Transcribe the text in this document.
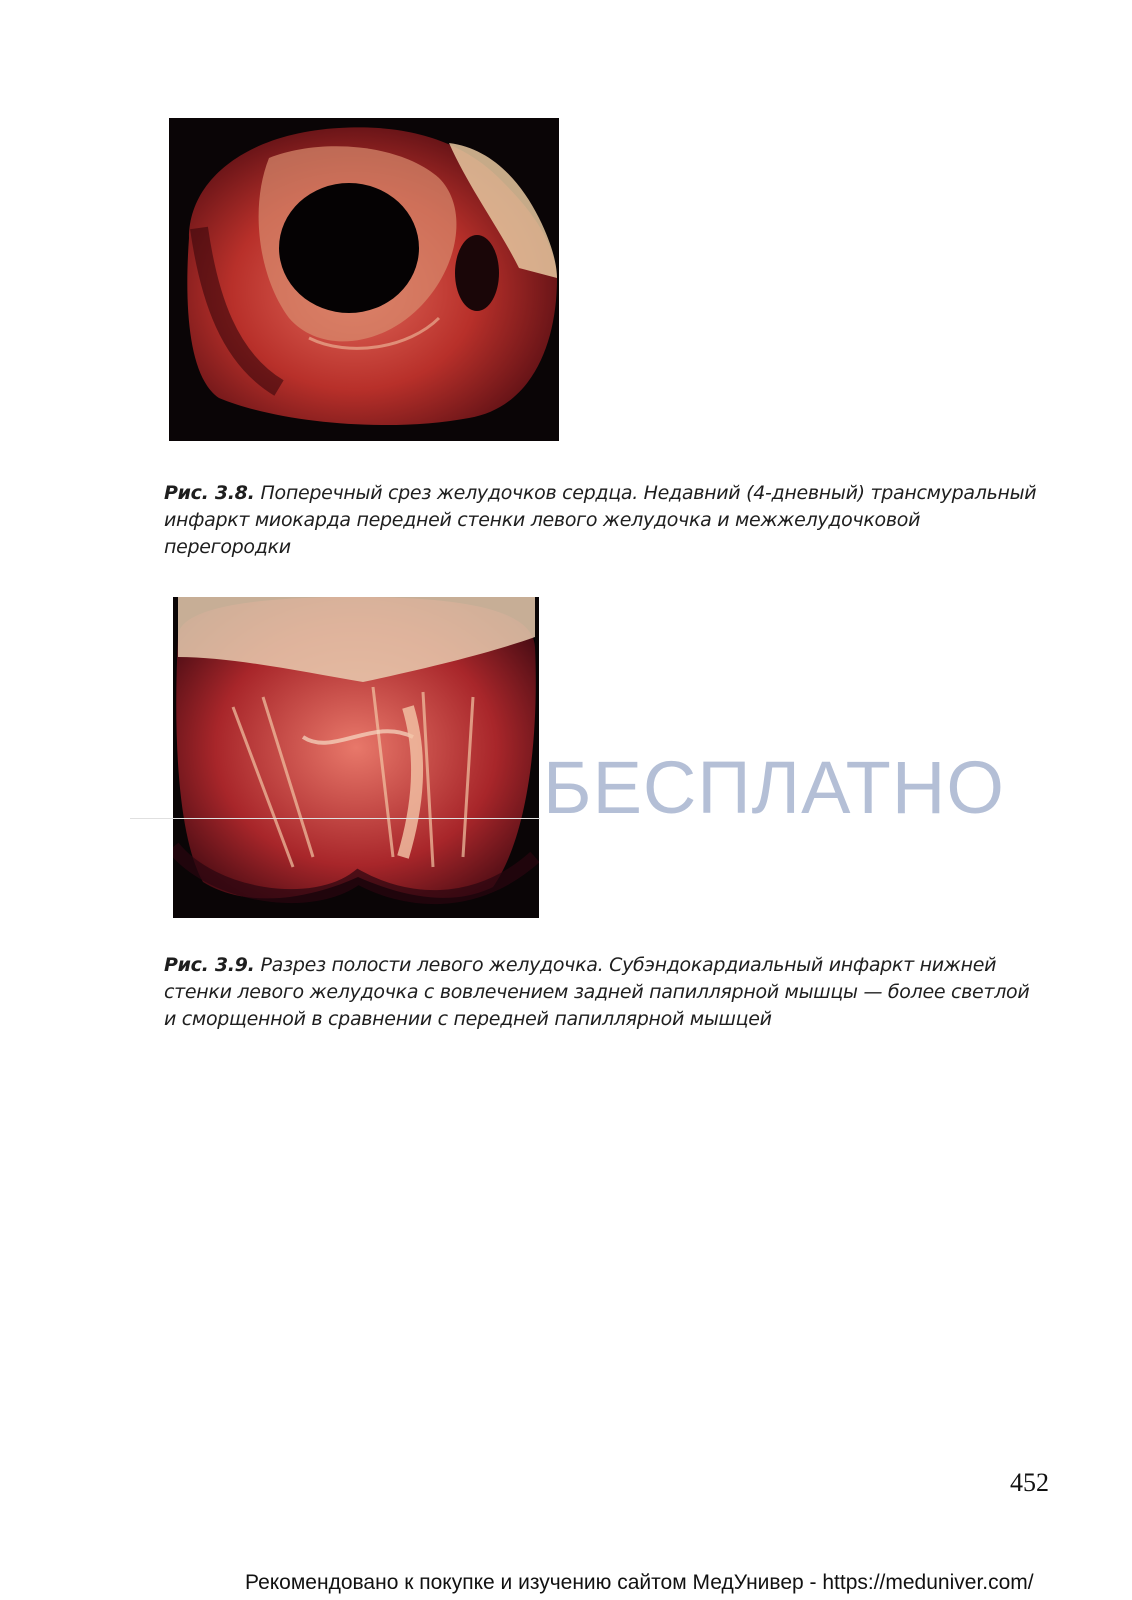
Рис. 3.8. Поперечный срез желудочков сердца. Недавний (4-дневный) трансмуральный инфаркт миокарда передней стенки левого желудочка и межжелудочковой перегородки
БЕСПЛАТНО
Рис. 3.9. Разрез полости левого желудочка. Субэндокардиальный инфаркт нижней стенки левого желудочка с вовлечением задней папиллярной мышцы — более светлой и сморщенной в сравнении с передней папиллярной мышцей
452
Рекомендовано к покупке и изучению сайтом МедУнивер - https://meduniver.com/
